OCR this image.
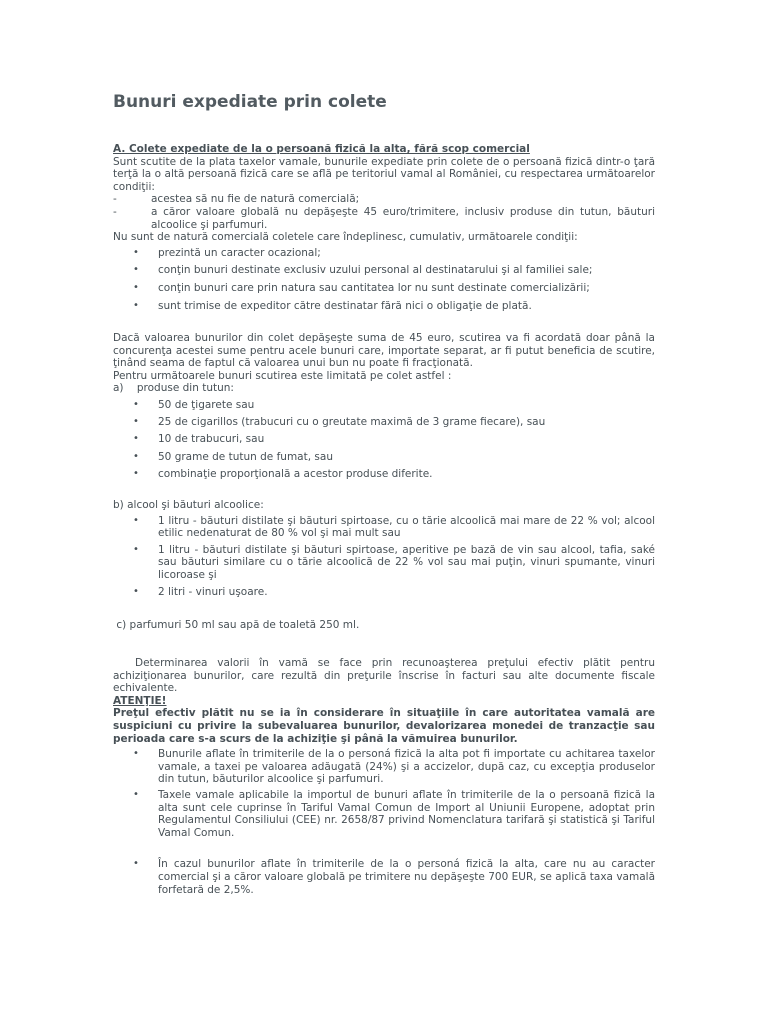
Bunuri expediate prin colete
A. Colete expediate de la o persoană fizică la alta, fără scop comercial
Sunt scutite de la plata taxelor vamale, bunurile expediate prin colete de o persoană fizică dintr-o ţară terţă la o altă persoană fizică care se află pe teritoriul vamal al României, cu respectarea următoarelor condiţii:
-	acestea să nu fie de natură comercială;
-	a căror valoare globală nu depăşeşte 45 euro/trimitere, inclusiv produse din tutun, băuturi alcoolice şi parfumuri.
Nu sunt de natură comercială coletele care îndeplinesc, cumulativ, următoarele condiţii:
• prezintă un caracter ocazional;
• conţin bunuri destinate exclusiv uzului personal al destinatarului şi al familiei sale;
• conţin bunuri care prin natura sau cantitatea lor nu sunt destinate comercializării;
• sunt trimise de expeditor către destinatar fără nici o obligaţie de plată.
Dacă valoarea bunurilor din colet depăşeşte suma de 45 euro, scutirea va fi acordată doar până la concurenţa acestei sume pentru acele bunuri care, importate separat, ar fi putut beneficia de scutire, ţinând seama de faptul că valoarea unui bun nu poate fi fracţionată.
Pentru următoarele bunuri scutirea este limitată pe colet astfel :
a)    produse din tutun:
• 50 de ţigarete sau
• 25 de cigarillos (trabucuri cu o greutate maximă de 3 grame fiecare), sau
• 10 de trabucuri, sau
• 50 grame de tutun de fumat, sau
• combinaţie proporţională a acestor produse diferite.
b) alcool şi băuturi alcoolice:
• 1 litru - băuturi distilate şi băuturi spirtoase, cu o tărie alcoolică mai mare de 22 % vol; alcool etilic nedenaturat de 80 % vol şi mai mult sau
• 1 litru - băuturi distilate şi băuturi spirtoase, aperitive pe bază de vin sau alcool, tafia, saké sau băuturi similare cu o tărie alcoolică de 22 % vol sau mai puţin, vinuri spumante, vinuri licoroase şi
• 2 litri - vinuri uşoare.
c) parfumuri 50 ml sau apă de toaletă 250 ml.
Determinarea valorii în vamă se face prin recunoaşterea preţului efectiv plătit pentru achiziţionarea bunurilor, care rezultă din preţurile înscrise în facturi sau alte documente fiscale echivalente.
ATENŢIE!
Preţul efectiv plătit nu se ia în considerare în situaţiile în care autoritatea vamală are suspiciuni cu privire la subevaluarea bunurilor, devalorizarea monedei de tranzacţie sau perioada care s-a scurs de la achiziţie şi până la vămuirea bunurilor.
• Bunurile aflate în trimiterile de la o personá fizică la alta pot fi importate cu achitarea taxelor vamale, a taxei pe valoarea adăugată (24%) şi a accizelor, după caz, cu excepţia produselor din tutun, băuturilor alcoolice şi parfumuri.
• Taxele vamale aplicabile la importul de bunuri aflate în trimiterile de la o persoană fizică la alta sunt cele cuprinse în Tariful Vamal Comun de Import al Uniunii Europene, adoptat prin Regulamentul Consiliului (CEE) nr. 2658/87 privind Nomenclatura tarifară şi statistică şi Tariful Vamal Comun.
• În cazul bunurilor aflate în trimiterile de la o personá fizică la alta, care nu au caracter comercial şi a căror valoare globală pe trimitere nu depăşeşte 700 EUR, se aplică taxa vamală forfetară de 2,5%.
